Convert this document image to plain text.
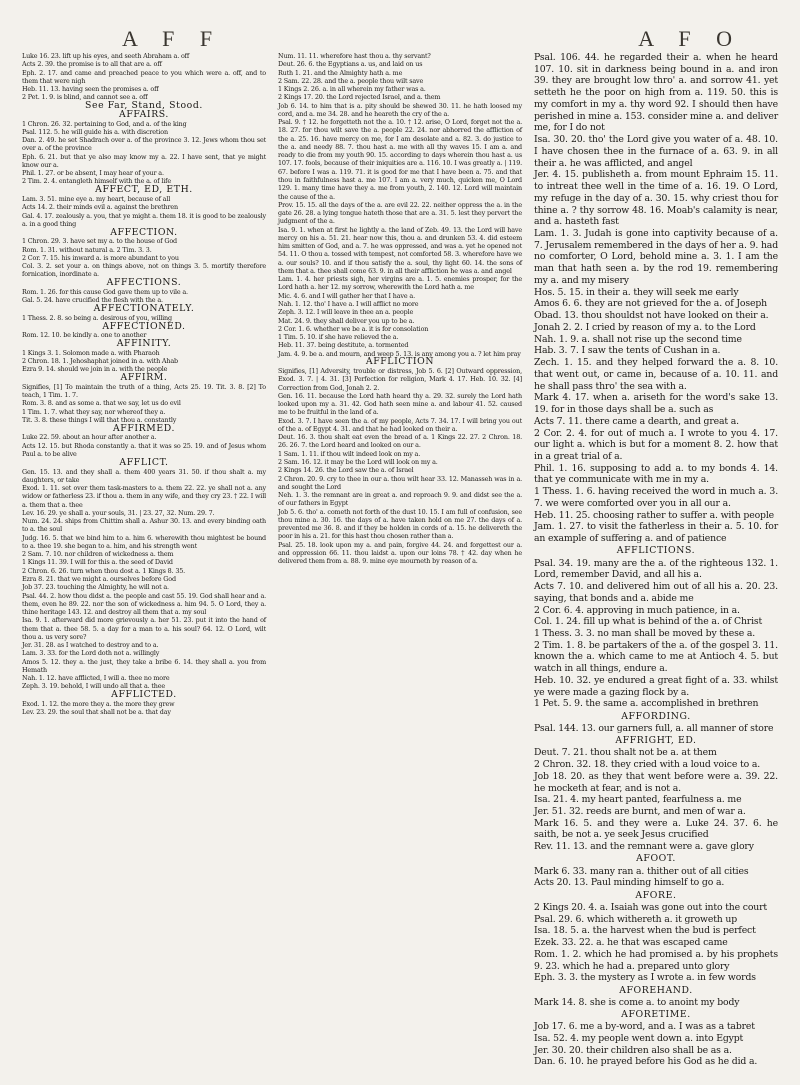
A F F	A F O

Luke 16. 23. lift up his eyes, and seeth Abraham a. off

Acts 2. 39. the promise is to all that are a. off

Eph. 2. 17. and came and preached peace to you which were a. off, and to them that were nigh

Heb. 11. 13. having seen the promises a. off

2 Pet. 1. 9. is blind, and cannot see a. off

See Far, Stand, Stood.

AFFAIRS.

1 Chron. 26. 32. pertaining to God, and a. of the king

Psal. 112. 5. he will guide his a. with discretion

Dan. 2. 49. he set Shadrach over a. of the province 3. 12. Jews whom thou set over a. of the province

Eph. 6. 21. but that ye also may know my a. 22. I have sent, that ye might know our a.

Phil. 1. 27. or be absent, I may hear of your a.

2 Tim. 2. 4. entangleth himself with the a. of life

AFFECT, ED, ETH.

Lam. 3. 51. mine eye a. my heart, because of all

Acts 14. 2. their minds evil a. against the brethren

Gal. 4. 17. zealously a. you, that ye might a. them 18. it is good to be zealously a. in a good thing

AFFECTION.

1 Chron. 29. 3. have set my a. to the house of God

Rom. 1. 31. without natural a. 2 Tim. 3. 3.

2 Cor. 7. 15. his inward a. is more abundant to you

Col. 3. 2. set your a. on things above, not on things 3. 5. mortify therefore fornication, inordinate a.

AFFECTIONS.

Rom. 1. 26. for this cause God gave them up to vile a.

Gal. 5. 24. have crucified the flesh with the a.

AFFECTIONATELY.

1 Thess. 2. 8. so being a. desirous of you, willing

AFFECTIONED.

Rom. 12. 10. be kindly a. one to another

AFFINITY.

1 Kings 3. 1. Solomon made a. with Pharaoh

2 Chron. 18. 1. Jehoshaphat joined in a. with Ahab

Ezra 9. 14. should we join in a. with the people

AFFIRM.

Signifies, [1] To maintain the truth of a thing, Acts 25. 19. Tit. 3. 8. [2] To teach, 1 Tim. 1. 7.

Rom. 3. 8. and as some a. that we say, let us do evil

1 Tim. 1. 7. what they say, nor whereof they a.

Tit. 3. 8. these things I will that thou a. constantly

AFFIRMED.

Luke 22. 59. about an hour after another a.

Acts 12. 15. but Rhoda constantly a. that it was so 25. 19. and of Jesus whom Paul a. to be alive

AFFLICT.

Gen. 15. 13. and they shall a. them 400 years 31. 50. if thou shalt a. my daughters, or take

Exod. 1. 11. set over them task-masters to a. them 22. 22. ye shall not a. any widow or fatherless 23. if thou a. them in any wife, and they cry 23. † 22. I will a. them that a. thee

Lev. 16. 29. ye shall a. your souls, 31. | 23. 27, 32. Num. 29. 7.

Num. 24. 24. ships from Chittim shall a. Ashur 30. 13. and every binding oath to a. the soul

Judg. 16. 5. that we bind him to a. him 6. wherewith thou mightest be bound to a. thee 19. she began to a. him, and his strength went

2 Sam. 7. 10. nor children of wickedness a. them

1 Kings 11. 39. I will for this a. the seed of David

2 Chron. 6. 26. turn when thou dost a. 1 Kings 8. 35.

Ezra 8. 21. that we might a. ourselves before God

Job 37. 23. touching the Almighty, he will not a.

Psal. 44. 2. how thou didst a. the people and cast 55. 19. God shall hear and a. them, even he 89. 22. nor the son of wickedness a. him 94. 5. O Lord, they a. thine heritage 143. 12. and destroy all them that a. my soul

Isa. 9. 1. afterward did more grievously a. her 51. 23. put it into the hand of them that a. thee 58. 5. a day for a man to a. his soul? 64. 12. O Lord, wilt thou a. us very sore?

Jer. 31. 28. as I watched to destroy and to a.

Lam. 3. 33. for the Lord doth not a. willingly

Amos 5. 12. they a. the just, they take a bribe 6. 14. they shall a. you from Hemath

Nah. 1. 12. have afflicted, I will a. thee no more

Zeph. 3. 19. behold, I will undo all that a. thee

AFFLICTED.

Exod. 1. 12. the more they a. the more they grew

Lev. 23. 29. the soul that shall not be a. that day

Num. 11. 11. wherefore hast thou a. thy servant?

Deut. 26. 6. the Egyptians a. us, and laid on us

Ruth 1. 21. and the Almighty hath a. me

2 Sam. 22. 28. and the a. people thou wilt save

1 Kings 2. 26. a. in all wherein my father was a.

2 Kings 17. 20. the Lord rejected Israel, and a. them

Job 6. 14. to him that is a. pity should be shewed 30. 11. he hath loosed my cord, and a. me 34. 28. and he heareth the cry of the a.

Psal. 9. † 12. he forgetteth not the a. 10. † 12. arise, O Lord, forget not the a. 18. 27. for thou wilt save the a. people 22. 24. nor abhorred the affliction of the a. 25. 16. have mercy on me, for I am desolate and a. 82. 3. do justice to the a. and needy 88. 7. thou hast a. me with all thy waves 15. I am a. and ready to die from my youth 90. 15. according to days wherein thou hast a. us 107. 17. fools, because of their iniquities are a. 116. 10. I was greatly a. | 119. 67. before I was a. 119. 71. it is good for me that I have been a. 75. and that thou in faithfulness hast a. me 107. I am a. very much, quicken me, O Lord 129. 1. many time have they a. me from youth, 2. 140. 12. Lord will maintain the cause of the a.

Prov. 15. 15. all the days of the a. are evil 22. 22. neither oppress the a. in the gate 26. 28. a lying tongue hateth those that are a. 31. 5. lest they pervert the judgment of the a.

Isa. 9. 1. when at first he lightly a. the land of Zeb. 49. 13. the Lord will have mercy on his a. 51. 21. hear now this, thou a. and drunken 53. 4. did esteem him smitten of God, and a. 7. he was oppressed, and was a. yet he opened not 54. 11. O thou a. tossed with tempest, not comforted 58. 3. wherefore have we a. our souls? 10. and if thou satisfy the a. soul, thy light 60. 14. the sons of them that a. thee shall come 63. 9. in all their affliction he was a. and angel

Lam. 1. 4. her priests sigh, her virgins are a. 1. 5. enemies prosper, for the Lord hath a. her 12. my sorrow, wherewith the Lord hath a. me

Mic. 4. 6. and I will gather her that I have a.

Nah. 1. 12. tho' I have a. I will afflict no more

Zeph. 3. 12. I will leave in thee an a. people

Mat. 24. 9. they shall deliver you up to be a.

2 Cor. 1. 6. whether we be a. it is for consolation

1 Tim. 5. 10. if she have relieved the a.

Heb. 11. 37. being destitute, a. tormented

Jam. 4. 9. be a. and mourn, and weep 5. 13. is any among you a. ? let him pray

AFFLICTION

Signifies, [1] Adversity, trouble or distress, Job 5. 6. [2] Outward oppression, Exod. 3. 7. | 4. 31. [3] Perfection for religion, Mark 4. 17. Heb. 10. 32. [4] Correction from God, Jonah 2. 2.

Gen. 16. 11. because the Lord hath heard thy a. 29. 32. surely the Lord hath looked upon my a. 31. 42. God hath seen mine a. and labour 41. 52. caused me to be fruitful in the land of a.

Exod. 3. 7. I have seen the a. of my people, Acts 7. 34. 17. I will bring you out of the a. of Egypt 4. 31. and that he had looked on their a.

Deut. 16. 3. thou shalt eat even the bread of a. 1 Kings 22. 27. 2 Chron. 18. 26. 26. 7. the Lord heard and looked on our a.

1 Sam. 1. 11. if thou wilt indeed look on my a.

2 Sam. 16. 12. it may be the Lord will look on my a.

2 Kings 14. 26. the Lord saw the a. of Israel

2 Chron. 20. 9. cry to thee in our a. thou wilt hear 33. 12. Manasseh was in a. and sought the Lord

Neh. 1. 3. the remnant are in great a. and reproach 9. 9. and didst see the a. of our fathers in Egypt

Job 5. 6. tho' a. cometh not forth of the dust 10. 15. I am full of confusion, see thou mine a. 30. 16. the days of a. have taken hold on me 27. the days of a. prevented me 36. 8. and if they be holden in cords of a. 15. he delivereth the poor in his a. 21. for this hast thou chosen rather than a.

Psal. 25. 18. look upon my a. and pain, forgive 44. 24. and forgettest our a. and oppression 66. 11. thou laidst a. upon our loins 78. † 42. day when he delivered them from a. 88. 9. mine eye mourneth by reason of a.

Psal. 106. 44. he regarded their a. when he heard 107. 10. sit in darkness being bound in a. and iron 39. they are brought low thro' a. and sorrow 41. yet setteth he the poor on high from a. 119. 50. this is my comfort in my a. thy word 92. I should then have perished in mine a. 153. consider mine a. and deliver me, for I do not

Isa. 30. 20. tho' the Lord give you water of a. 48. 10. I have chosen thee in the furnace of a. 63. 9. in all their a. he was afflicted, and angel

Jer. 4. 15. publisheth a. from mount Ephraim 15. 11. to intreat thee well in the time of a. 16. 19. O Lord, my refuge in the day of a. 30. 15. why criest thou for thine a. ? thy sorrow 48. 16. Moab's calamity is near, and a. hasteth fast

Lam. 1. 3. Judah is gone into captivity because of a. 7. Jerusalem remembered in the days of her a. 9. had no comforter, O Lord, behold mine a. 3. 1. I am the man that hath seen a. by the rod 19. remembering my a. and my misery

Hos. 5. 15. in their a. they will seek me early

Amos 6. 6. they are not grieved for the a. of Joseph

Obad. 13. thou shouldst not have looked on their a.

Jonah 2. 2. I cried by reason of my a. to the Lord

Nah. 1. 9. a. shall not rise up the second time

Hab. 3. 7. I saw the tents of Cushan in a.

Zech. 1. 15. and they helped forward the a. 8. 10. that went out, or came in, because of a. 10. 11. and he shall pass thro' the sea with a.

Mark 4. 17. when a. ariseth for the word's sake 13. 19. for in those days shall be a. such as

Acts 7. 11. there came a dearth, and great a.

2 Cor. 2. 4. for out of much a. I wrote to you 4. 17. our light a. which is but for a moment 8. 2. how that in a great trial of a.

Phil. 1. 16. supposing to add a. to my bonds 4. 14. that ye communicate with me in my a.

1 Thess. 1. 6. having received the word in much a. 3. 7. we were comforted over you in all our a.

Heb. 11. 25. choosing rather to suffer a. with people

Jam. 1. 27. to visit the fatherless in their a. 5. 10. for an example of suffering a. and of patience

AFFLICTIONS.

Psal. 34. 19. many are the a. of the righteous 132. 1. Lord, remember David, and all his a.

Acts 7. 10. and delivered him out of all his a. 20. 23. saying, that bonds and a. abide me

2 Cor. 6. 4. approving in much patience, in a.

Col. 1. 24. fill up what is behind of the a. of Christ

1 Thess. 3. 3. no man shall be moved by these a.

2 Tim. 1. 8. be partakers of the a. of the gospel 3. 11. known the a. which came to me at Antioch 4. 5. but watch in all things, endure a.

Heb. 10. 32. ye endured a great fight of a. 33. whilst ye were made a gazing flock by a.

1 Pet. 5. 9. the same a. accomplished in brethren

AFFORDING.

Psal. 144. 13. our garners full, a. all manner of store

AFFRIGHT, ED.

Deut. 7. 21. thou shalt not be a. at them

2 Chron. 32. 18. they cried with a loud voice to a.

Job 18. 20. as they that went before were a. 39. 22. he mocketh at fear, and is not a.

Isa. 21. 4. my heart panted, fearfulness a. me

Jer. 51. 32. reeds are burnt, and men of war a.

Mark 16. 5. and they were a. Luke 24. 37. 6. he saith, be not a. ye seek Jesus crucified

Rev. 11. 13. and the remnant were a. gave glory

AFOOT.

Mark 6. 33. many ran a. thither out of all cities

Acts 20. 13. Paul minding himself to go a.

AFORE.

2 Kings 20. 4. a. Isaiah was gone out into the court

Psal. 29. 6. which withereth a. it groweth up

Isa. 18. 5. a. the harvest when the bud is perfect

Ezek. 33. 22. a. he that was escaped came

Rom. 1. 2. which he had promised a. by his prophets 9. 23. which he had a. prepared unto glory

Eph. 3. 3. the mystery as I wrote a. in few words

AFOREHAND.

Mark 14. 8. she is come a. to anoint my body

AFORETIME.

Job 17. 6. me a by-word, and a. I was as a tabret

Isa. 52. 4. my people went down a. into Egypt

Jer. 30. 20. their children also shall be as a.

Dan. 6. 10. he prayed before his God as he did a.
